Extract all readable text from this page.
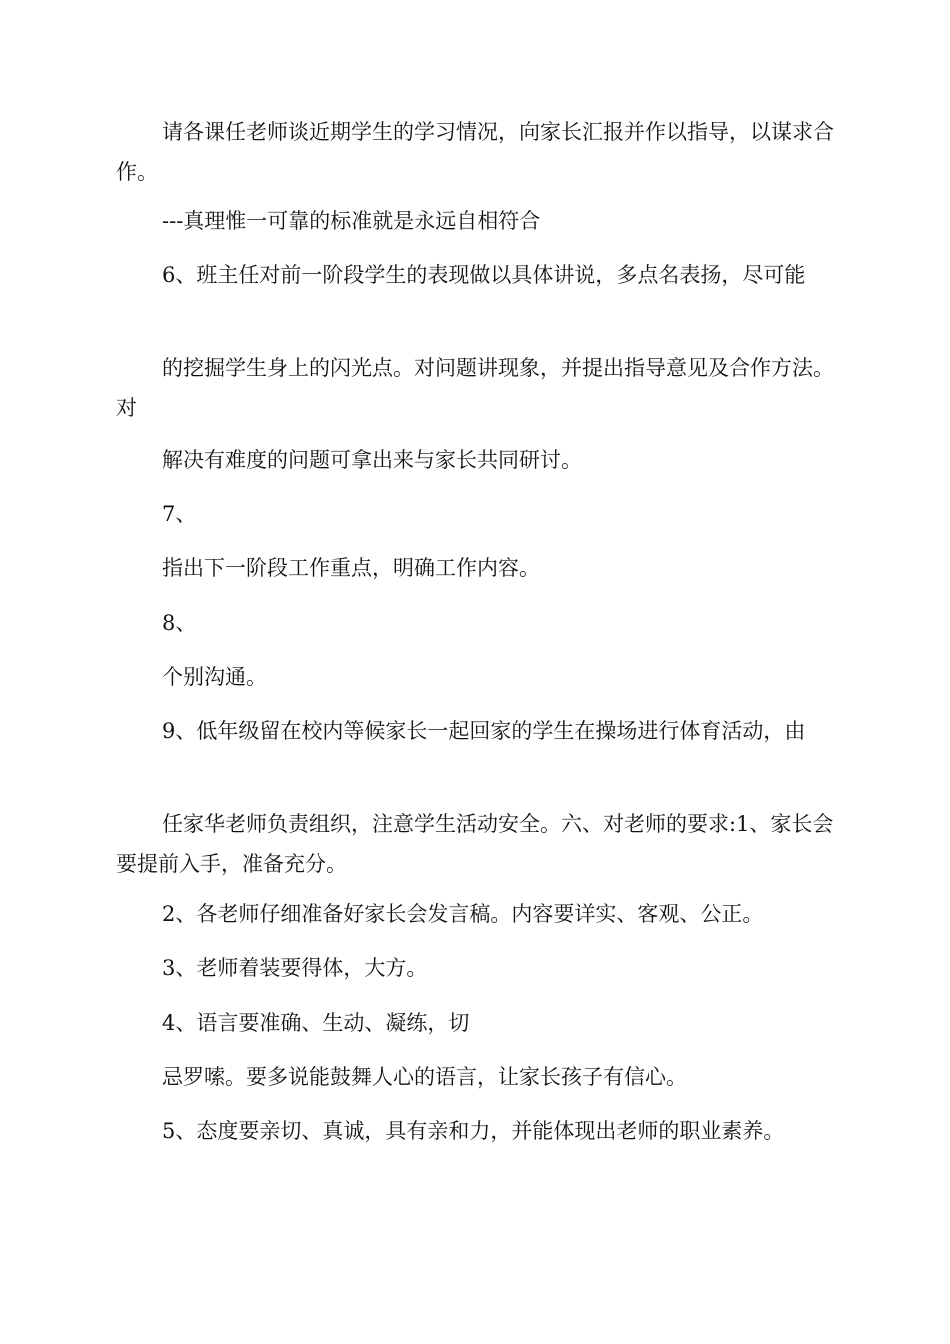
请各课任老师谈近期学生的学习情况，向家长汇报并作以指导，以谋求合作。

---真理惟一可靠的标准就是永远自相符合

6、班主任对前一阶段学生的表现做以具体讲说，多点名表扬，尽可能

的挖掘学生身上的闪光点。对问题讲现象，并提出指导意见及合作方法。对

解决有难度的问题可拿出来与家长共同研讨。

7、

指出下一阶段工作重点，明确工作内容。

8、

个别沟通。

9、低年级留在校内等候家长一起回家的学生在操场进行体育活动，由

任家华老师负责组织，注意学生活动安全。六、对老师的要求:1、家长会要提前入手，准备充分。

2、各老师仔细准备好家长会发言稿。内容要详实、客观、公正。

3、老师着装要得体，大方。

4、语言要准确、生动、凝练，切

忌罗嗦。要多说能鼓舞人心的语言，让家长孩子有信心。

5、态度要亲切、真诚，具有亲和力，并能体现出老师的职业素养。
